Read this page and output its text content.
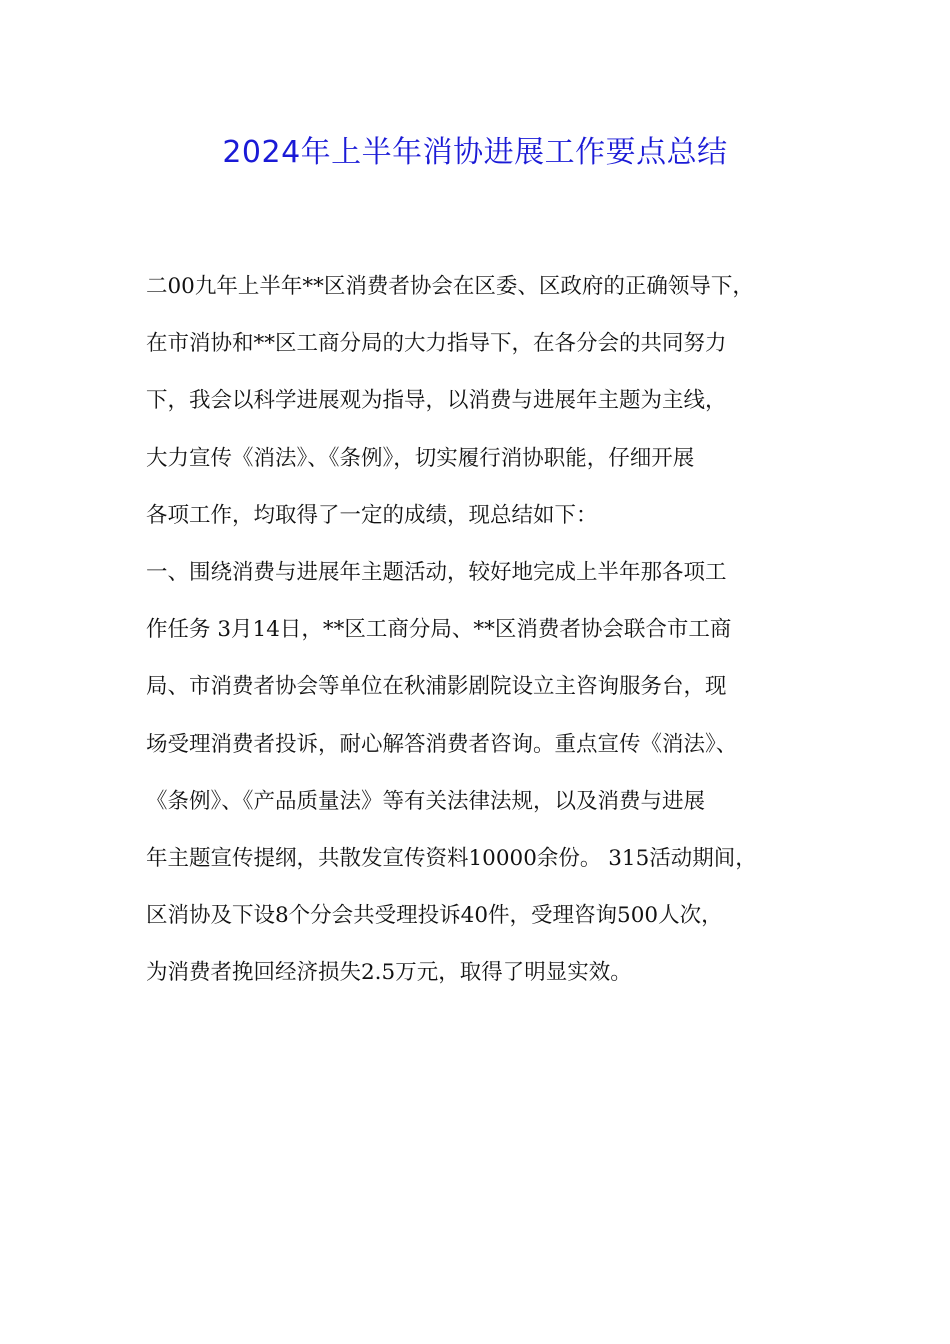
2024年上半年消协进展工作要点总结
二00九年上半年**区消费者协会在区委、区政府的正确领导下，
在市消协和**区工商分局的大力指导下，在各分会的共同努力
下，我会以科学进展观为指导，以消费与进展年主题为主线，
大力宣传《消法》、《条例》，切实履行消协职能，仔细开展
各项工作，均取得了一定的成绩，现总结如下：
一、围绕消费与进展年主题活动，较好地完成上半年那各项工
作任务 3月14日，**区工商分局、**区消费者协会联合市工商
局、市消费者协会等单位在秋浦影剧院设立主咨询服务台，现
场受理消费者投诉，耐心解答消费者咨询。重点宣传《消法》、
《条例》、《产品质量法》等有关法律法规，以及消费与进展
年主题宣传提纲，共散发宣传资料10000余份。 315活动期间，
区消协及下设8个分会共受理投诉40件，受理咨询500人次，
为消费者挽回经济损失2.5万元，取得了明显实效。
